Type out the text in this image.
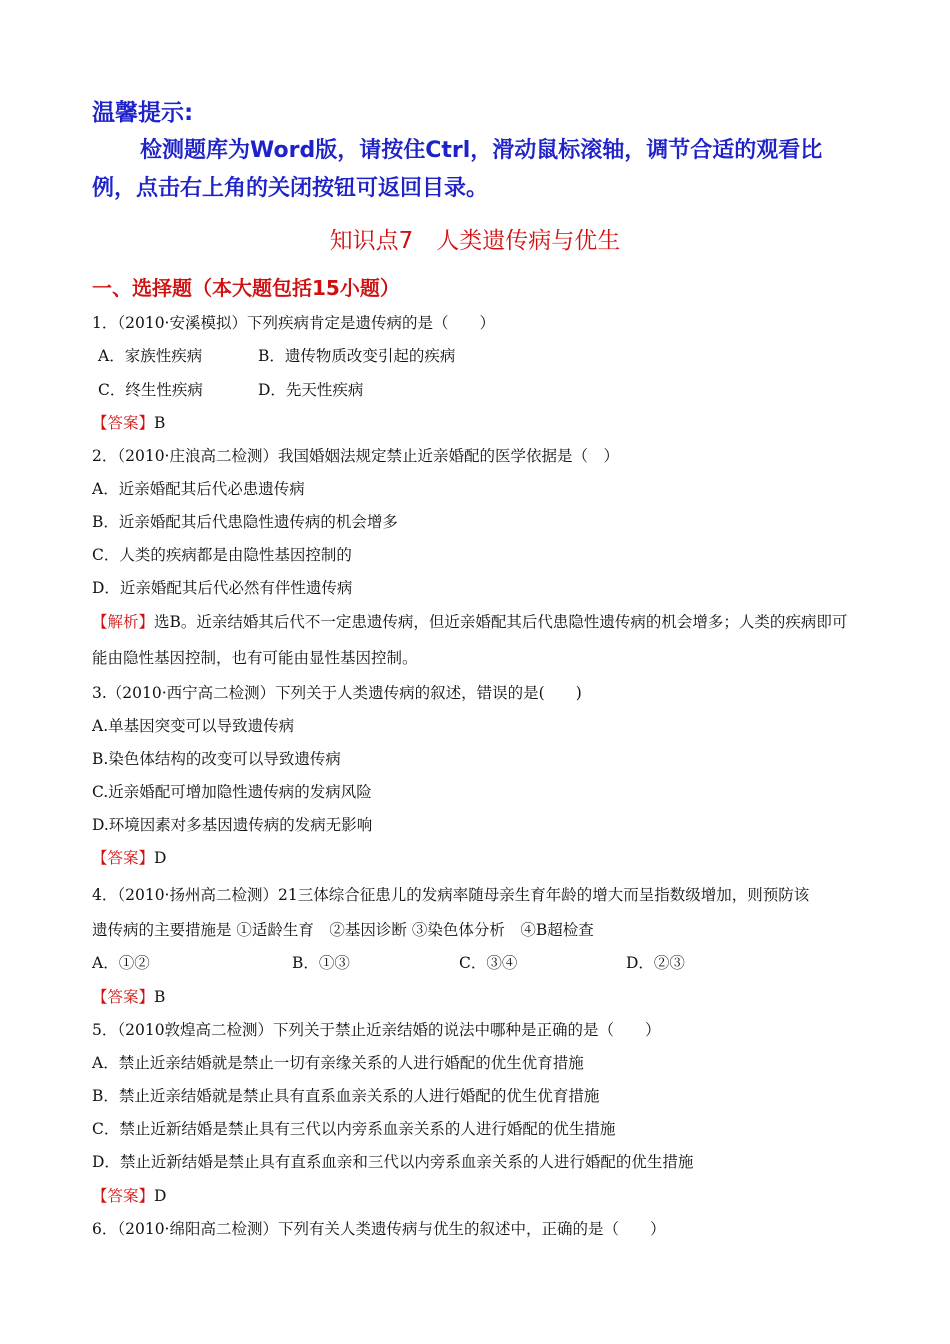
温馨提示:
检测题库为Word版，请按住Ctrl，滑动鼠标滚轴，调节合适的观看比例，点击右上角的关闭按钮可返回目录。
知识点7　人类遗传病与优生
一、选择题（本大题包括15小题）
1．（2010·安溪模拟）下列疾病肯定是遗传病的是（　　）
A．家族性疾病	B．遗传物质改变引起的疾病
C．终生性疾病	D．先天性疾病
【答案】B
2．（2010·庄浪高二检测）我国婚姻法规定禁止近亲婚配的医学依据是（　）
A．近亲婚配其后代必患遗传病
B．近亲婚配其后代患隐性遗传病的机会增多
C．人类的疾病都是由隐性基因控制的
D．近亲婚配其后代必然有伴性遗传病
【解析】选B。近亲结婚其后代不一定患遗传病，但近亲婚配其后代患隐性遗传病的机会增多；人类的疾病即可能由隐性基因控制，也有可能由显性基因控制。
3.（2010·西宁高二检测）下列关于人类遗传病的叙述，错误的是(　　)
A.单基因突变可以导致遗传病
B.染色体结构的改变可以导致遗传病
C.近亲婚配可增加隐性遗传病的发病风险
D.环境因素对多基因遗传病的发病无影响
【答案】D
4．（2010·扬州高二检测）21三体综合征患儿的发病率随母亲生育年龄的增大而呈指数级增加，则预防该
遗传病的主要措施是 ①适龄生育　②基因诊断 ③染色体分析　④B超检查
A．①②	B．①③	C．③④	D．②③
【答案】B
5．（2010敦煌高二检测）下列关于禁止近亲结婚的说法中哪种是正确的是（　　）
A．禁止近亲结婚就是禁止一切有亲缘关系的人进行婚配的优生优育措施
B．禁止近亲结婚就是禁止具有直系血亲关系的人进行婚配的优生优育措施
C．禁止近新结婚是禁止具有三代以内旁系血亲关系的人进行婚配的优生措施
D．禁止近新结婚是禁止具有直系血亲和三代以内旁系血亲关系的人进行婚配的优生措施
【答案】D
6．（2010·绵阳高二检测）下列有关人类遗传病与优生的叙述中，正确的是（　　）
